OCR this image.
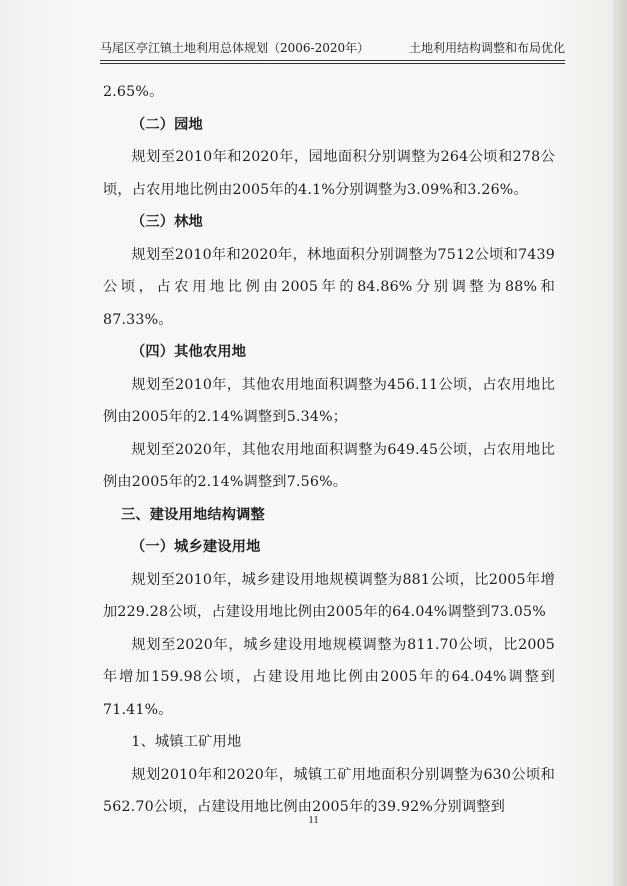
马尾区亭江镇土地利用总体规划（2006-2020年）	土地利用结构调整和布局优化

2.65%。

（二）园地

规划至2010年和2020年，园地面积分别调整为264公顷和278公顷，占农用地比例由2005年的4.1%分别调整为3.09%和3.26%。

（三）林地

规划至2010年和2020年，林地面积分别调整为7512公顷和7439公顷，占农用地比例由2005年的84.86%分别调整为88%和87.33%。

（四）其他农用地

规划至2010年，其他农用地面积调整为456.11公顷，占农用地比例由2005年的2.14%调整到5.34%；

规划至2020年，其他农用地面积调整为649.45公顷，占农用地比例由2005年的2.14%调整到7.56%。

三、建设用地结构调整

（一）城乡建设用地

规划至2010年，城乡建设用地规模调整为881公顷，比2005年增加229.28公顷，占建设用地比例由2005年的64.04%调整到73.05%

规划至2020年，城乡建设用地规模调整为811.70公顷，比2005年增加159.98公顷，占建设用地比例由2005年的64.04%调整到71.41%。

1、城镇工矿用地

规划2010年和2020年，城镇工矿用地面积分别调整为630公顷和562.70公顷，占建设用地比例由2005年的39.92%分别调整到

11
